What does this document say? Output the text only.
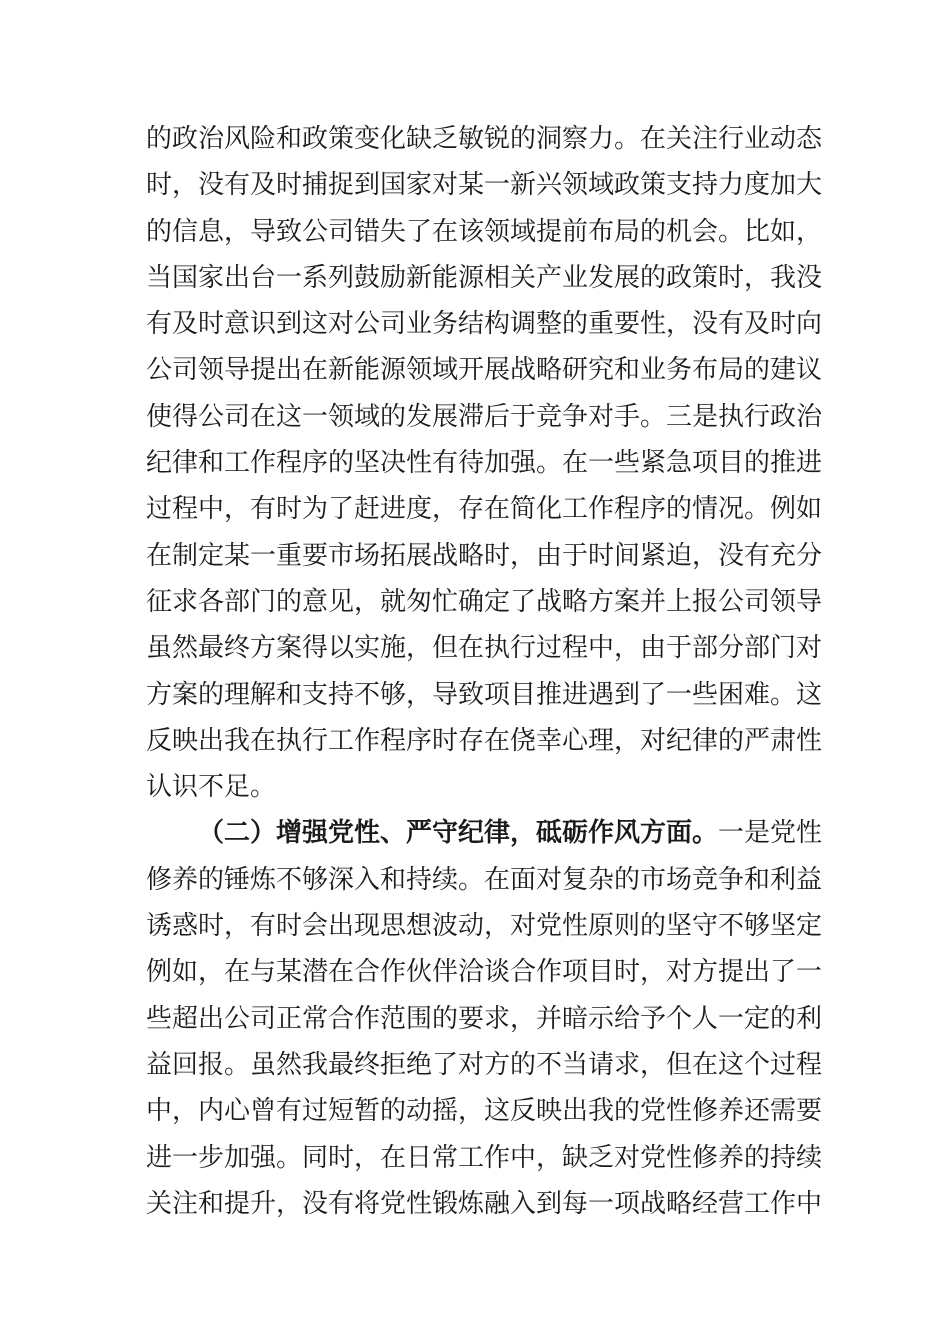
的政治风险和政策变化缺乏敏锐的洞察力。在关注行业动态
时，没有及时捕捉到国家对某一新兴领域政策支持力度加大
的信息，导致公司错失了在该领域提前布局的机会。比如，
当国家出台一系列鼓励新能源相关产业发展的政策时，我没
有及时意识到这对公司业务结构调整的重要性，没有及时向
公司领导提出在新能源领域开展战略研究和业务布局的建议
使得公司在这一领域的发展滞后于竞争对手。三是执行政治
纪律和工作程序的坚决性有待加强。在一些紧急项目的推进
过程中，有时为了赶进度，存在简化工作程序的情况。例如
在制定某一重要市场拓展战略时，由于时间紧迫，没有充分
征求各部门的意见，就匆忙确定了战略方案并上报公司领导
虽然最终方案得以实施，但在执行过程中，由于部分部门对
方案的理解和支持不够，导致项目推进遇到了一些困难。这
反映出我在执行工作程序时存在侥幸心理，对纪律的严肃性
认识不足。
（二）增强党性、严守纪律，砥砺作风方面。一是党性
修养的锤炼不够深入和持续。在面对复杂的市场竞争和利益
诱惑时，有时会出现思想波动，对党性原则的坚守不够坚定
例如，在与某潜在合作伙伴洽谈合作项目时，对方提出了一
些超出公司正常合作范围的要求，并暗示给予个人一定的利
益回报。虽然我最终拒绝了对方的不当请求，但在这个过程
中，内心曾有过短暂的动摇，这反映出我的党性修养还需要
进一步加强。同时，在日常工作中，缺乏对党性修养的持续
关注和提升，没有将党性锻炼融入到每一项战略经营工作中
